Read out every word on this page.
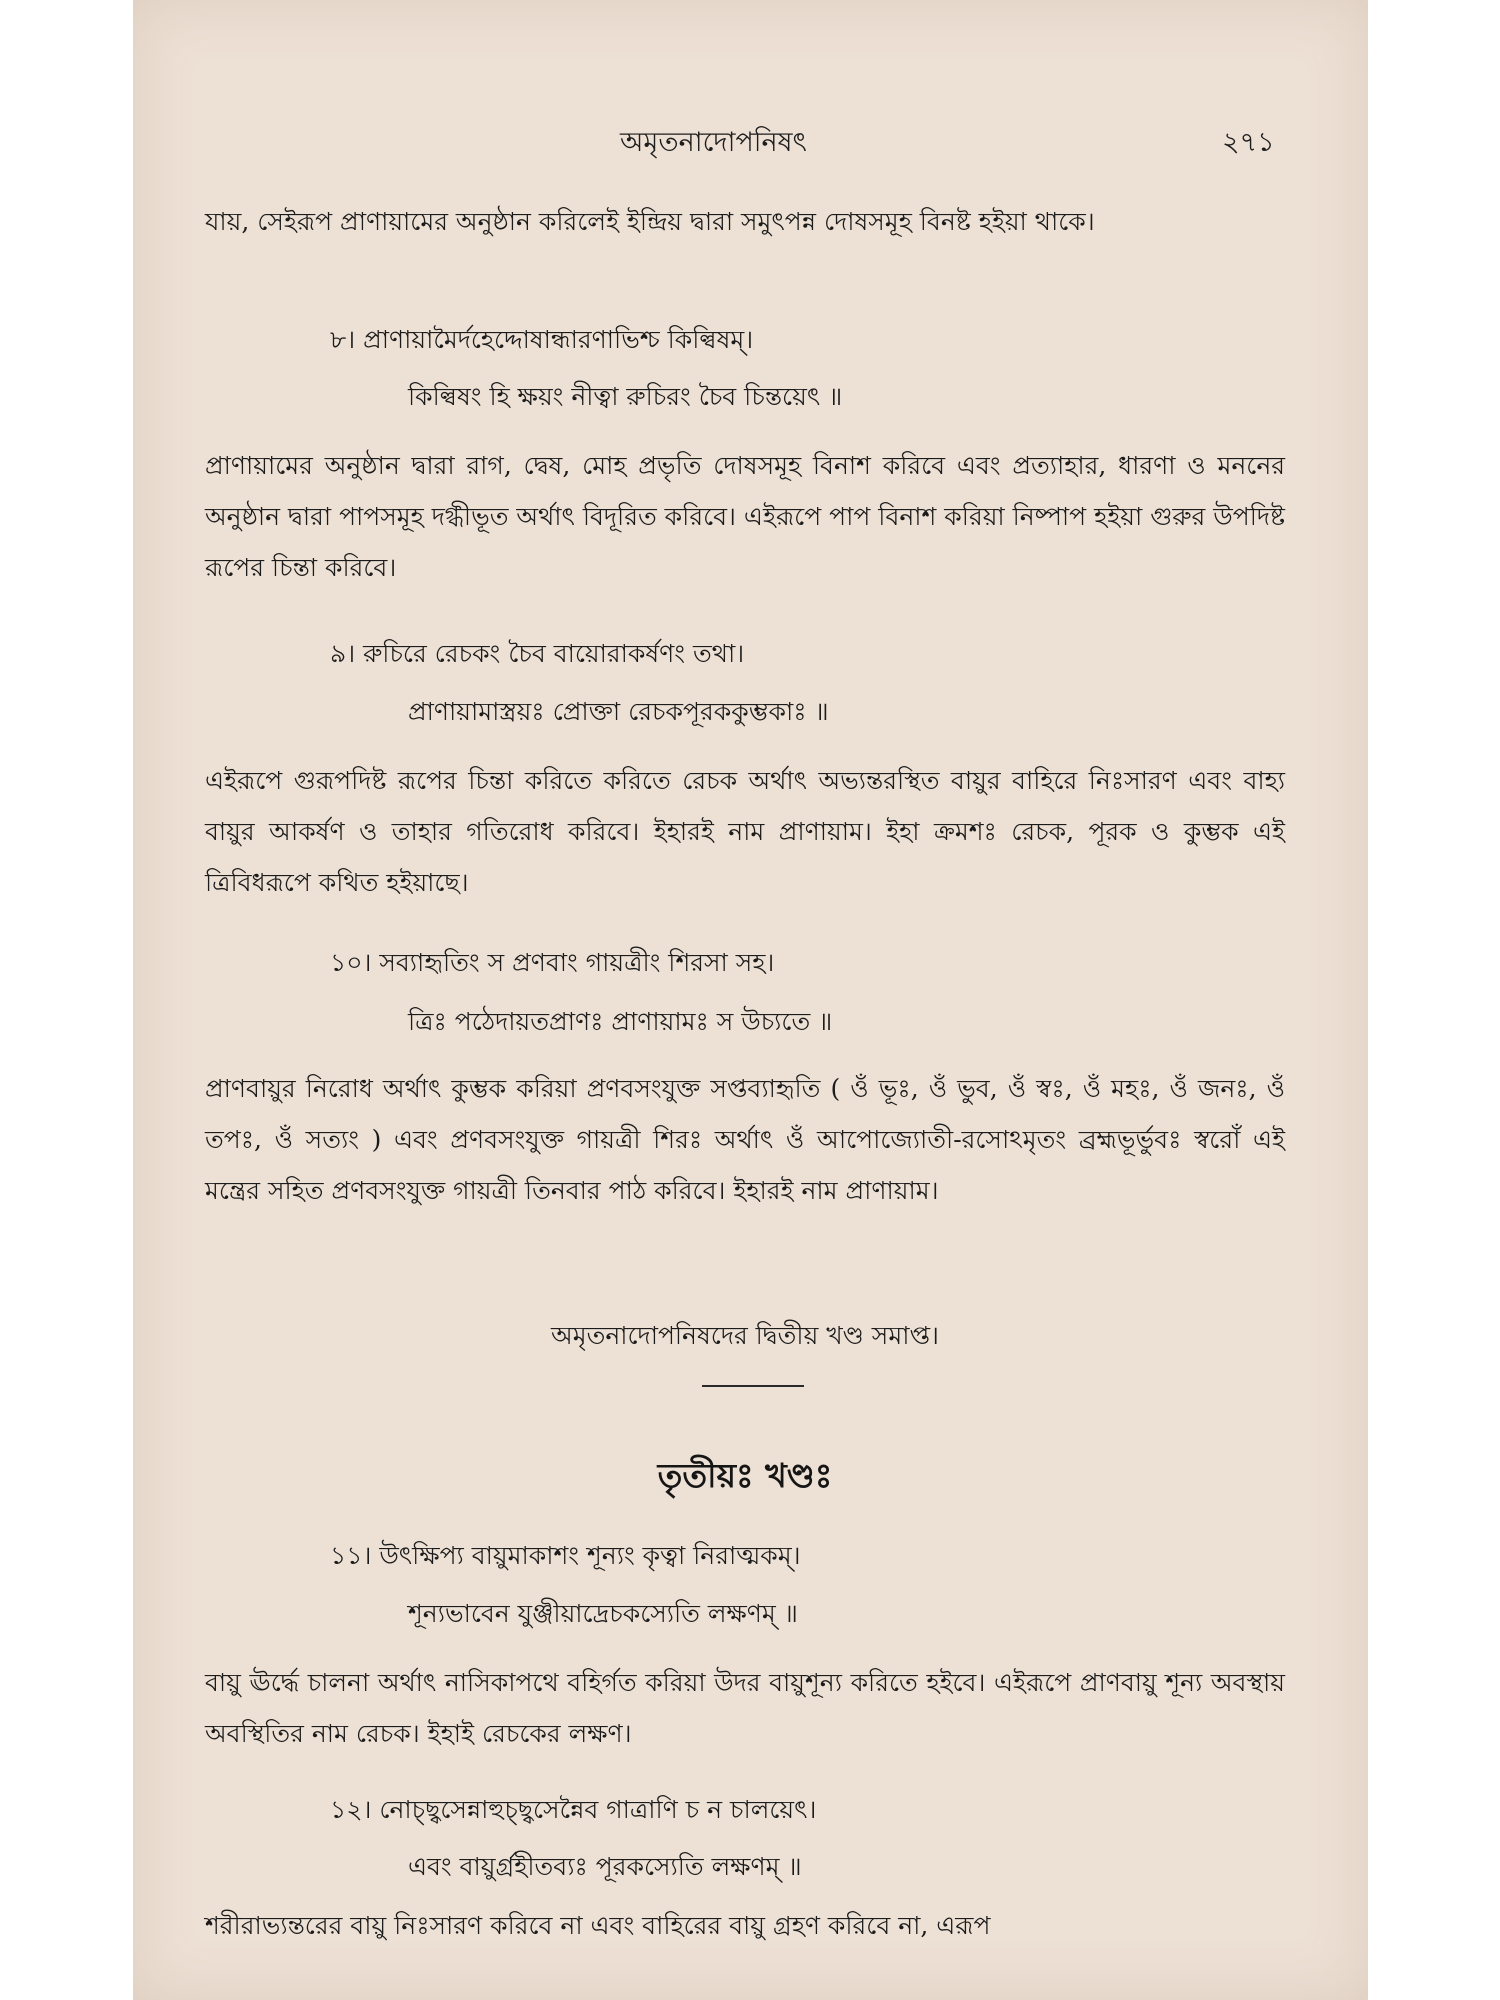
অমৃতনাদোপনিষৎ	২৭১

যায়, সেইরূপ প্রাণায়ামের অনুষ্ঠান করিলেই ইন্দ্রিয় দ্বারা সমুৎপন্ন দোষসমূহ বিনষ্ট হইয়া থাকে।

৮। প্রাণায়ামৈর্দহেদ্দোষান্ধারণাভিশ্চ কিল্বিষম্।
কিল্বিষং হি ক্ষয়ং নীত্বা রুচিরং চৈব চিন্তয়েৎ ॥

প্রাণায়ামের অনুষ্ঠান দ্বারা রাগ, দ্বেষ, মোহ প্রভৃতি দোষসমূহ বিনাশ করিবে এবং প্রত্যাহার, ধারণা ও মননের অনুষ্ঠান দ্বারা পাপসমূহ দগ্ধীভূত অর্থাৎ বিদূরিত করিবে। এইরূপে পাপ বিনাশ করিয়া নিষ্পাপ হইয়া গুরুর উপদিষ্ট রূপের চিন্তা করিবে।

৯। রুচিরে রেচকং চৈব বায়োরাকর্ষণং তথা।
প্রাণায়ামাস্ত্রয়ঃ প্রোক্তা রেচকপূরককুম্ভকাঃ ॥

এইরূপে গুরূপদিষ্ট রূপের চিন্তা করিতে করিতে রেচক অর্থাৎ অভ্যন্তরস্থিত বায়ুর বাহিরে নিঃসারণ এবং বাহ্য বায়ুর আকর্ষণ ও তাহার গতিরোধ করিবে। ইহারই নাম প্রাণায়াম। ইহা ক্রমশঃ রেচক, পূরক ও কুম্ভক এই ত্রিবিধরূপে কথিত হইয়াছে।

১০। সব্যাহৃতিং স প্রণবাং গায়ত্রীং শিরসা সহ।
ত্রিঃ পঠেদায়তপ্রাণঃ প্রাণায়ামঃ স উচ্যতে ॥

প্রাণবায়ুর নিরোধ অর্থাৎ কুম্ভক করিয়া প্রণবসংযুক্ত সপ্তব্যাহৃতি ( ওঁ ভূঃ, ওঁ ভুব, ওঁ স্বঃ, ওঁ মহঃ, ওঁ জনঃ, ওঁ তপঃ, ওঁ সত্যং ) এবং প্রণবসংযুক্ত গায়ত্রী শিরঃ অর্থাৎ ওঁ আপোজ্যোতী-রসোঽমৃতং ব্রহ্মভূর্ভুবঃ স্বরোঁ এই মন্ত্রের সহিত প্রণবসংযুক্ত গায়ত্রী তিনবার পাঠ করিবে। ইহারই নাম প্রাণায়াম।

অমৃতনাদোপনিষদের দ্বিতীয় খণ্ড সমাপ্ত।
তৃতীয়ঃ খণ্ডঃ
১১। উৎক্ষিপ্য বায়ুমাকাশং শূন্যং কৃত্বা নিরাত্মকম্।
শূন্যভাবেন যুঞ্জীয়াদ্রেচকস্যেতি লক্ষণম্ ॥

বায়ু ঊর্দ্ধে চালনা অর্থাৎ নাসিকাপথে বহির্গত করিয়া উদর বায়ুশূন্য করিতে হইবে। এইরূপে প্রাণবায়ু শূন্য অবস্থায় অবস্থিতির নাম রেচক। ইহাই রেচকের লক্ষণ।

১২। নোচ্ছ্বসেন্নাহুচ্ছ্বসেন্নৈব গাত্রাণি চ ন চালয়েৎ।
এবং বায়ুর্গ্রহীতব্যঃ পূরকস্যেতি লক্ষণম্ ॥

শরীরাভ্যন্তরের বায়ু নিঃসারণ করিবে না এবং বাহিরের বায়ু গ্রহণ করিবে না, এরূপ
